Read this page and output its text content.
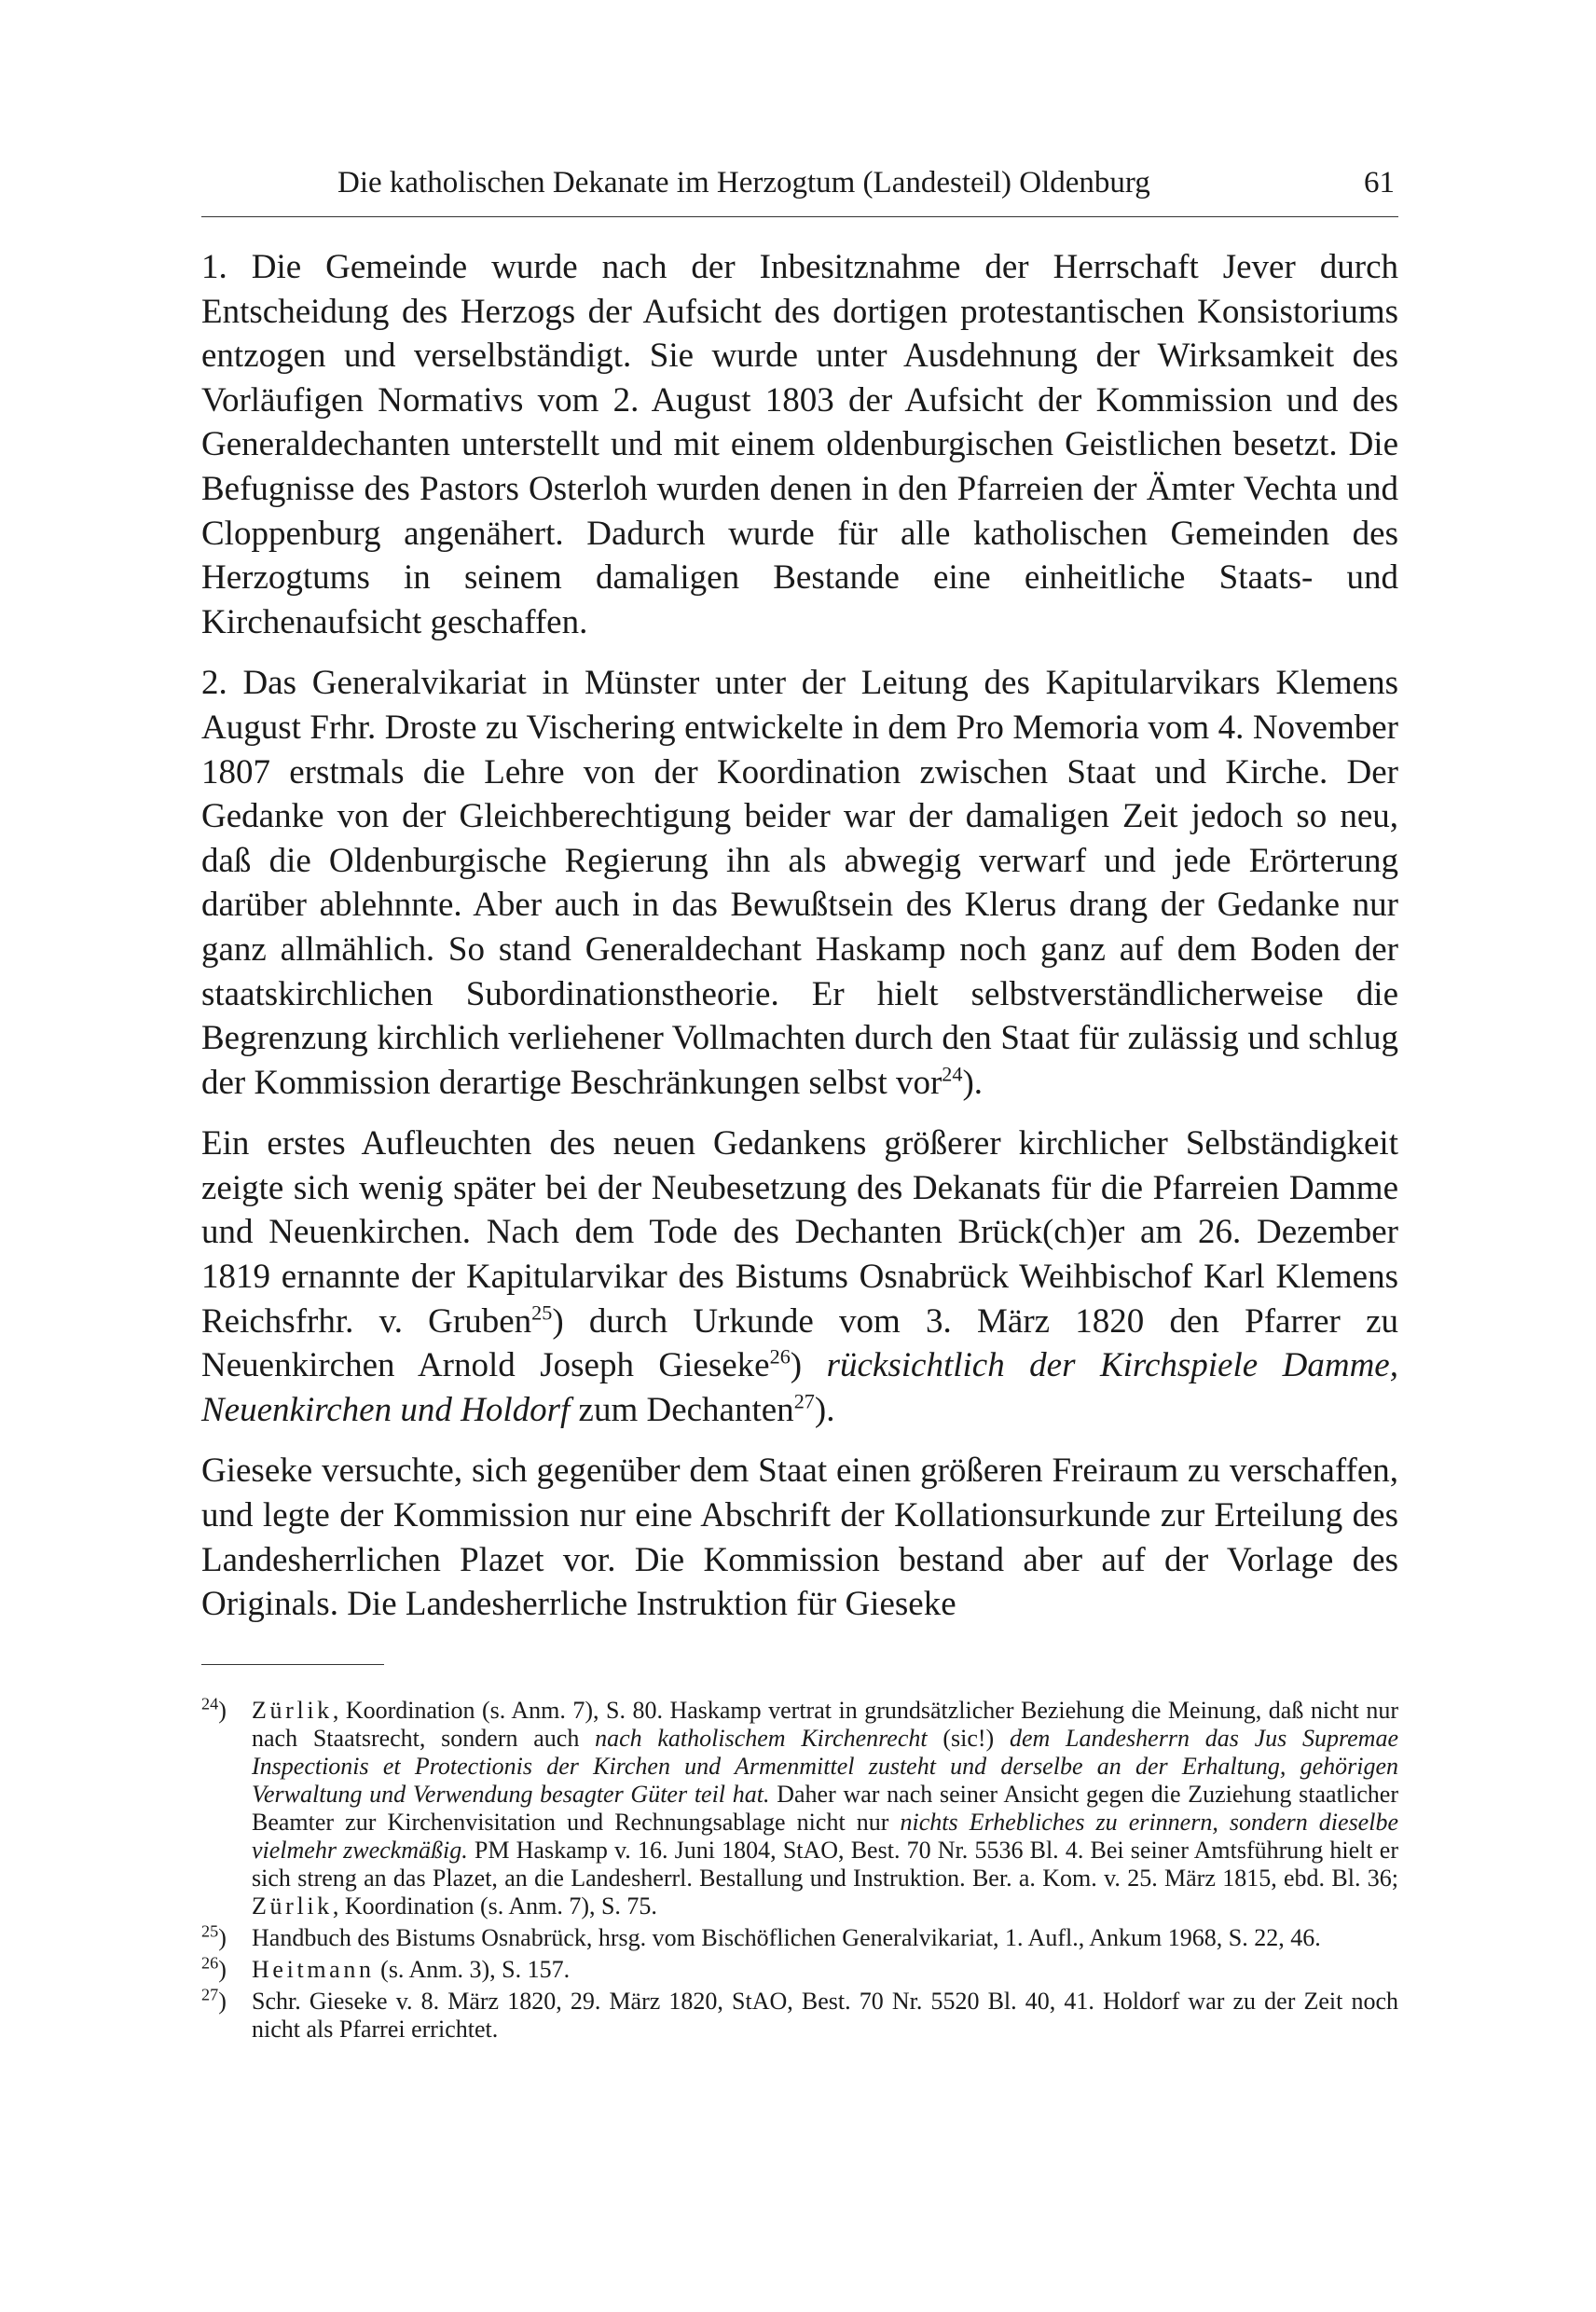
Die katholischen Dekanate im Herzogtum (Landesteil) Oldenburg	61

1. Die Gemeinde wurde nach der Inbesitznahme der Herrschaft Jever durch Entscheidung des Herzogs der Aufsicht des dortigen protestantischen Konsistoriums entzogen und verselbständigt. Sie wurde unter Ausdehnung der Wirksamkeit des Vorläufigen Normativs vom 2. August 1803 der Aufsicht der Kommission und des Generaldechanten unterstellt und mit einem oldenburgischen Geistlichen besetzt. Die Befugnisse des Pastors Osterloh wurden denen in den Pfarreien der Ämter Vechta und Cloppenburg angenähert. Dadurch wurde für alle katholischen Gemeinden des Herzogtums in seinem damaligen Bestande eine einheitliche Staats- und Kirchenaufsicht geschaffen.

2. Das Generalvikariat in Münster unter der Leitung des Kapitularvikars Klemens August Frhr. Droste zu Vischering entwickelte in dem Pro Memoria vom 4. November 1807 erstmals die Lehre von der Koordination zwischen Staat und Kirche. Der Gedanke von der Gleichberechtigung beider war der damaligen Zeit jedoch so neu, daß die Oldenburgische Regierung ihn als abwegig verwarf und jede Erörterung darüber ablehnnte. Aber auch in das Bewußtsein des Klerus drang der Gedanke nur ganz allmählich. So stand Generaldechant Haskamp noch ganz auf dem Boden der staatskirchlichen Subordinationstheorie. Er hielt selbstverständlicherweise die Begrenzung kirchlich verliehener Vollmachten durch den Staat für zulässig und schlug der Kommission derartige Beschränkungen selbst vor$^{24}$).

Ein erstes Aufleuchten des neuen Gedankens größerer kirchlicher Selbständigkeit zeigte sich wenig später bei der Neubesetzung des Dekanats für die Pfarreien Damme und Neuenkirchen. Nach dem Tode des Dechanten Brück(ch)er am 26. Dezember 1819 ernannte der Kapitularvikar des Bistums Osnabrück Weihbischof Karl Klemens Reichsfrhr. v. Gruben$^{25}$) durch Urkunde vom 3. März 1820 den Pfarrer zu Neuenkirchen Arnold Joseph Gieseke$^{26}$) rücksichtlich der Kirchspiele Damme, Neuenkirchen und Holdorf zum Dechanten$^{27}$).

Gieseke versuchte, sich gegenüber dem Staat einen größeren Freiraum zu verschaffen, und legte der Kommission nur eine Abschrift der Kollationsurkunde zur Erteilung des Landesherrlichen Plazet vor. Die Kommission bestand aber auf der Vorlage des Originals. Die Landesherrliche Instruktion für Gieseke

$^{24}$)	Zürlik, Koordination (s. Anm. 7), S. 80. Haskamp vertrat in grundsätzlicher Beziehung die Meinung, daß nicht nur nach Staatsrecht, sondern auch nach katholischem Kirchenrecht (sic!) dem Landesherrn das Jus Supremae Inspectionis et Protectionis der Kirchen und Armenmittel zusteht und derselbe an der Erhaltung, gehörigen Verwaltung und Verwendung besagter Güter teil hat. Daher war nach seiner Ansicht gegen die Zuziehung staatlicher Beamter zur Kirchenvisitation und Rechnungsablage nicht nur nichts Erhebliches zu erinnern, sondern dieselbe vielmehr zweckmäßig. PM Haskamp v. 16. Juni 1804, StAO, Best. 70 Nr. 5536 Bl. 4. Bei seiner Amtsführung hielt er sich streng an das Plazet, an die Landesherrl. Bestallung und Instruktion. Ber. a. Kom. v. 25. März 1815, ebd. Bl. 36; Zürlik, Koordination (s. Anm. 7), S. 75.
$^{25}$)	Handbuch des Bistums Osnabrück, hrsg. vom Bischöflichen Generalvikariat, 1. Aufl., Ankum 1968, S. 22, 46.
$^{26}$)	Heitmann (s. Anm. 3), S. 157.
$^{27}$)	Schr. Gieseke v. 8. März 1820, 29. März 1820, StAO, Best. 70 Nr. 5520 Bl. 40, 41. Holdorf war zu der Zeit noch nicht als Pfarrei errichtet.
